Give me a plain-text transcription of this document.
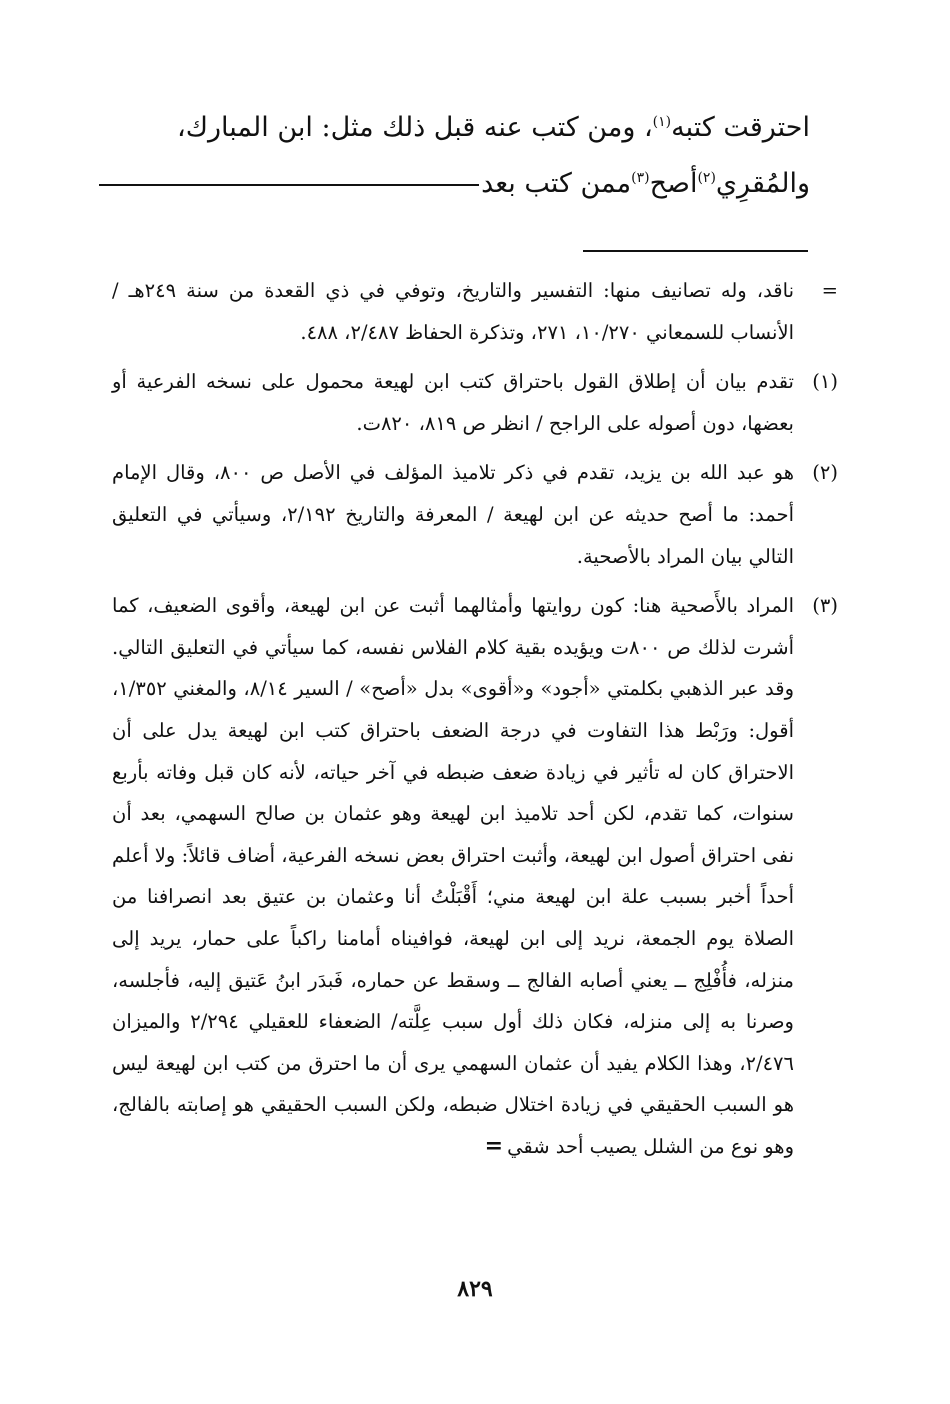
احترقت كتبه$^{(١)}$، ومن كتب عنه قبل ذلك مثل: ابن المبارك،
والمُقرِي$^{(٢)}$أصح$^{(٣)}$ممن كتب بعد
=
ناقد، وله تصانيف منها: التفسير والتاريخ، وتوفي في ذي القعدة من سنة ٢٤٩هـ / الأنساب للسمعاني ١٠/٢٧٠، ٢٧١، وتذكرة الحفاظ ٢/٤٨٧، ٤٨٨.
(١)
تقدم بيان أن إطلاق القول باحتراق كتب ابن لهيعة محمول على نسخه الفرعية أو بعضها، دون أصوله على الراجح / انظر ص ٨١٩، ٨٢٠ت.
(٢)
هو عبد الله بن يزيد، تقدم في ذكر تلاميذ المؤلف في الأصل ص ٨٠٠، وقال الإمام أحمد: ما أصح حديثه عن ابن لهيعة / المعرفة والتاريخ ٢/١٩٢، وسيأتي في التعليق التالي بيان المراد بالأصحية.
(٣)
المراد بالأَصحية هنا: كون روايتها وأمثالهما أثبت عن ابن لهيعة، وأقوى الضعيف، كما أشرت لذلك ص ٨٠٠ت ويؤيده بقية كلام الفلاس نفسه، كما سيأتي في التعليق التالي. وقد عبر الذهبي بكلمتي «أجود» و«أقوى» بدل «أصح» / السير ٨/١٤، والمغني ١/٣٥٢، أقول: ورَبْط هذا التفاوت في درجة الضعف باحتراق كتب ابن لهيعة يدل على أن الاحتراق كان له تأثير في زيادة ضعف ضبطه في آخر حياته، لأنه كان قبل وفاته بأربع سنوات، كما تقدم، لكن أحد تلاميذ ابن لهيعة وهو عثمان بن صالح السهمي، بعد أن نفى احتراق أصول ابن لهيعة، وأثبت احتراق بعض نسخه الفرعية، أضاف قائلاً: ولا أعلم أحداً أخبر بسبب علة ابن لهيعة مني؛ أَقْبَلْتُ أنا وعثمان بن عتيق بعد انصرافنا من الصلاة يوم الجمعة، نريد إلى ابن لهيعة، فوافيناه أمامنا راكباً على حمار، يريد إلى منزله، فأُفْلِج ــ يعني أصابه الفالج ــ وسقط عن حماره، فَبدَر ابنُ عَتيق إليه، فأجلسه، وصرنا به إلى منزله، فكان ذلك أول سبب عِلَّته/ الضعفاء للعقيلي ٢/٢٩٤ والميزان ٢/٤٧٦، وهذا الكلام يفيد أن عثمان السهمي يرى أن ما احترق من كتب ابن لهيعة ليس هو السبب الحقيقي في زيادة اختلال ضبطه، ولكن السبب الحقيقي هو إصابته بالفالج، وهو نوع من الشلل يصيب أحد شقي=
٨٢٩
